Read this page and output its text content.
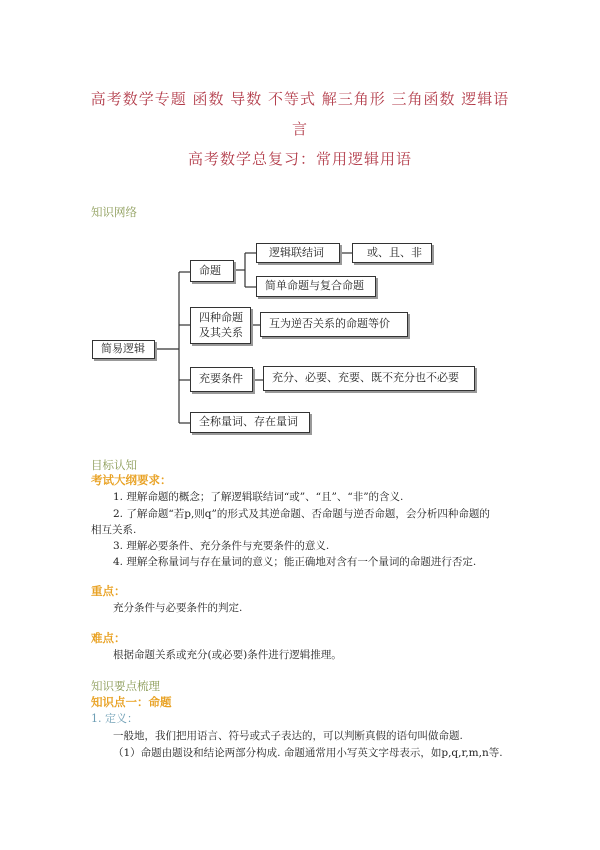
高考数学专题 函数 导数 不等式 解三角形 三角函数 逻辑语
言
高考数学总复习：常用逻辑用语
知识网络
简易逻辑
命题
逻辑联结词	或、且、非
简单命题与复合命题
四种命题
及其关系
互为逆否关系的命题等价
充要条件	充分、必要、充要、既不充分也不必要
全称量词、存在量词
目标认知
考试大纲要求：
1. 理解命题的概念；了解逻辑联结词“或”、“且”、“非”的含义.
2. 了解命题“若p,则q”的形式及其逆命题、否命题与逆否命题，会分析四种命题的
相互关系.
3. 理解必要条件、充分条件与充要条件的意义.
4. 理解全称量词与存在量词的意义；能正确地对含有一个量词的命题进行否定.
重点：
充分条件与必要条件的判定.
难点：
根据命题关系或充分(或必要)条件进行逻辑推理。
知识要点梳理
知识点一：命题
1. 定义：
一般地，我们把用语言、符号或式子表达的，可以判断真假的语句叫做命题.
（1）命题由题设和结论两部分构成. 命题通常用小写英文字母表示，如p,q,r,m,n等.
